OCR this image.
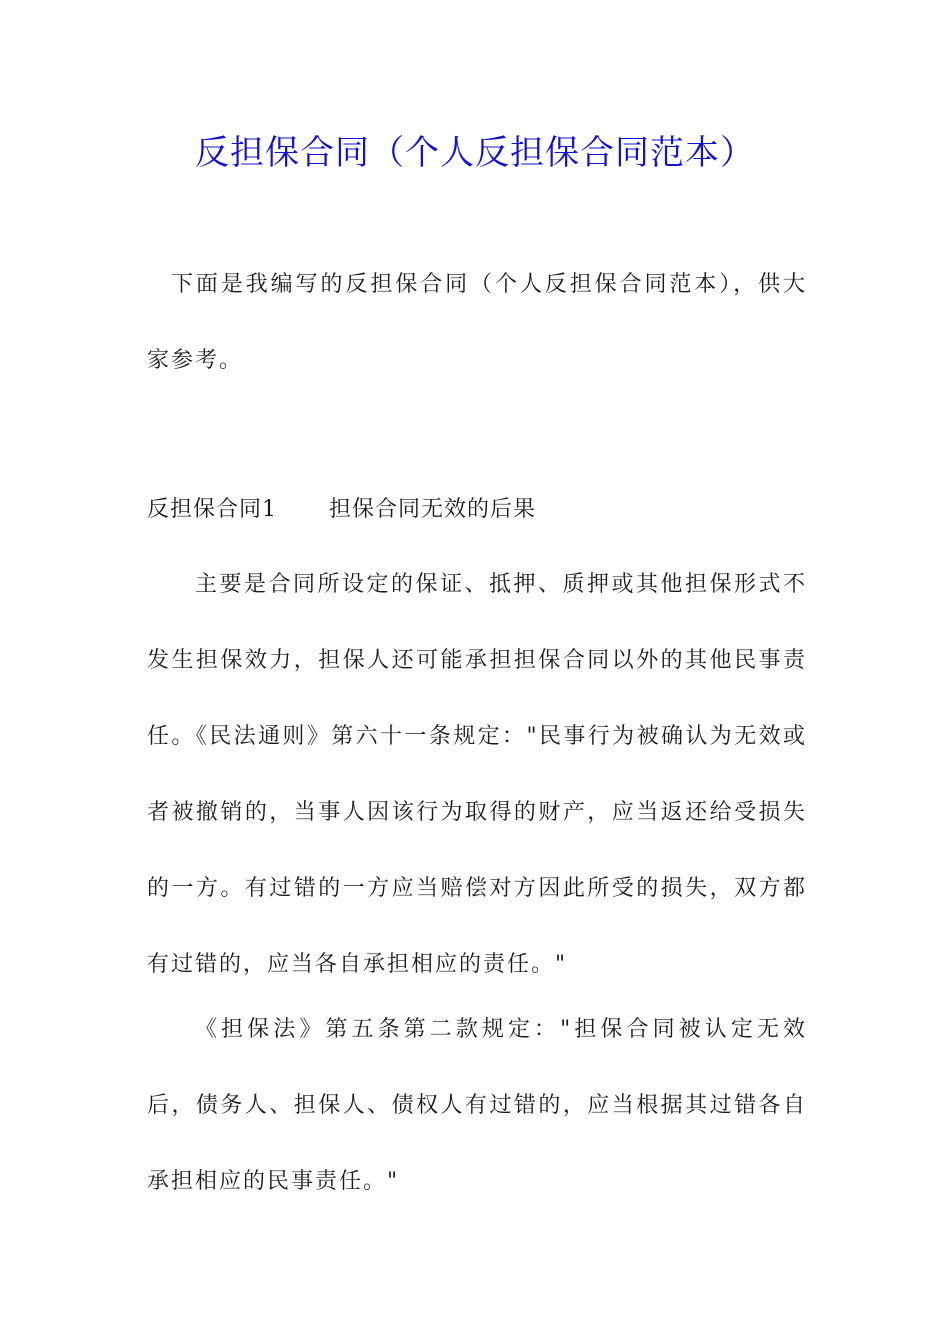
反担保合同（个人反担保合同范本）

下面是我编写的反担保合同（个人反担保合同范本），供大家参考。

反担保合同1 担保合同无效的后果

主要是合同所设定的保证、抵押、质押或其他担保形式不发生担保效力，担保人还可能承担担保合同以外的其他民事责任。《民法通则》第六十一条规定："民事行为被确认为无效或者被撤销的，当事人因该行为取得的财产，应当返还给受损失的一方。有过错的一方应当赔偿对方因此所受的损失，双方都有过错的，应当各自承担相应的责任。"

《担保法》第五条第二款规定："担保合同被认定无效后，债务人、担保人、债权人有过错的，应当根据其过错各自承担相应的民事责任。"
